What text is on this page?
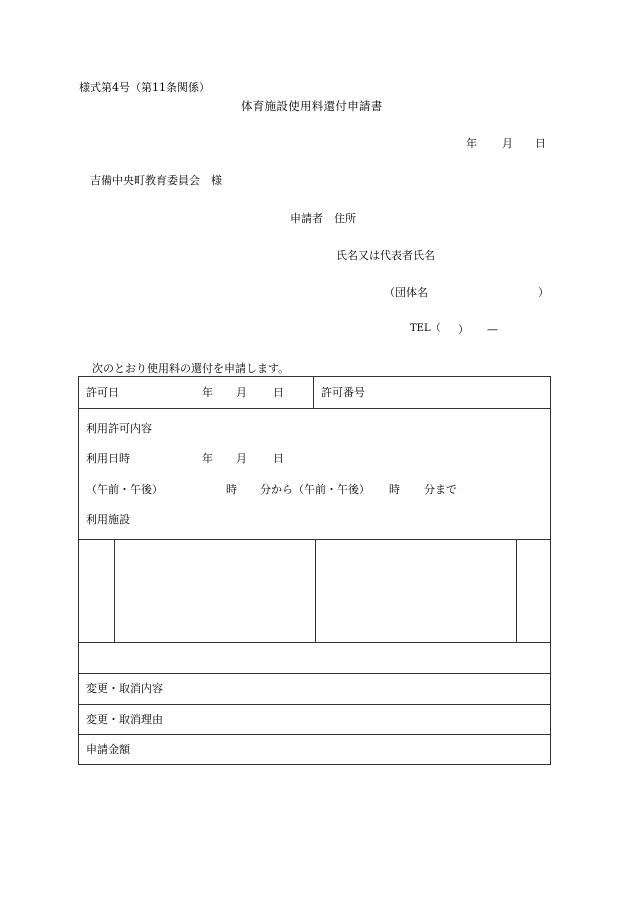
様式第4号（第11条関係）
体育施設使用料還付申請書
年 月 日
吉備中央町教育委員会　様
申請者　住所
氏名又は代表者氏名
（団体名	）
TEL（ ） —
次のとおり使用料の還付を申請します。
許可日	年 月 日	許可番号
利用許可内容
利用日時	年 月 日
（午前・午後）	時 分から（午前・午後） 時 分まで
利用施設
変更・取消内容
変更・取消理由
申請金額
